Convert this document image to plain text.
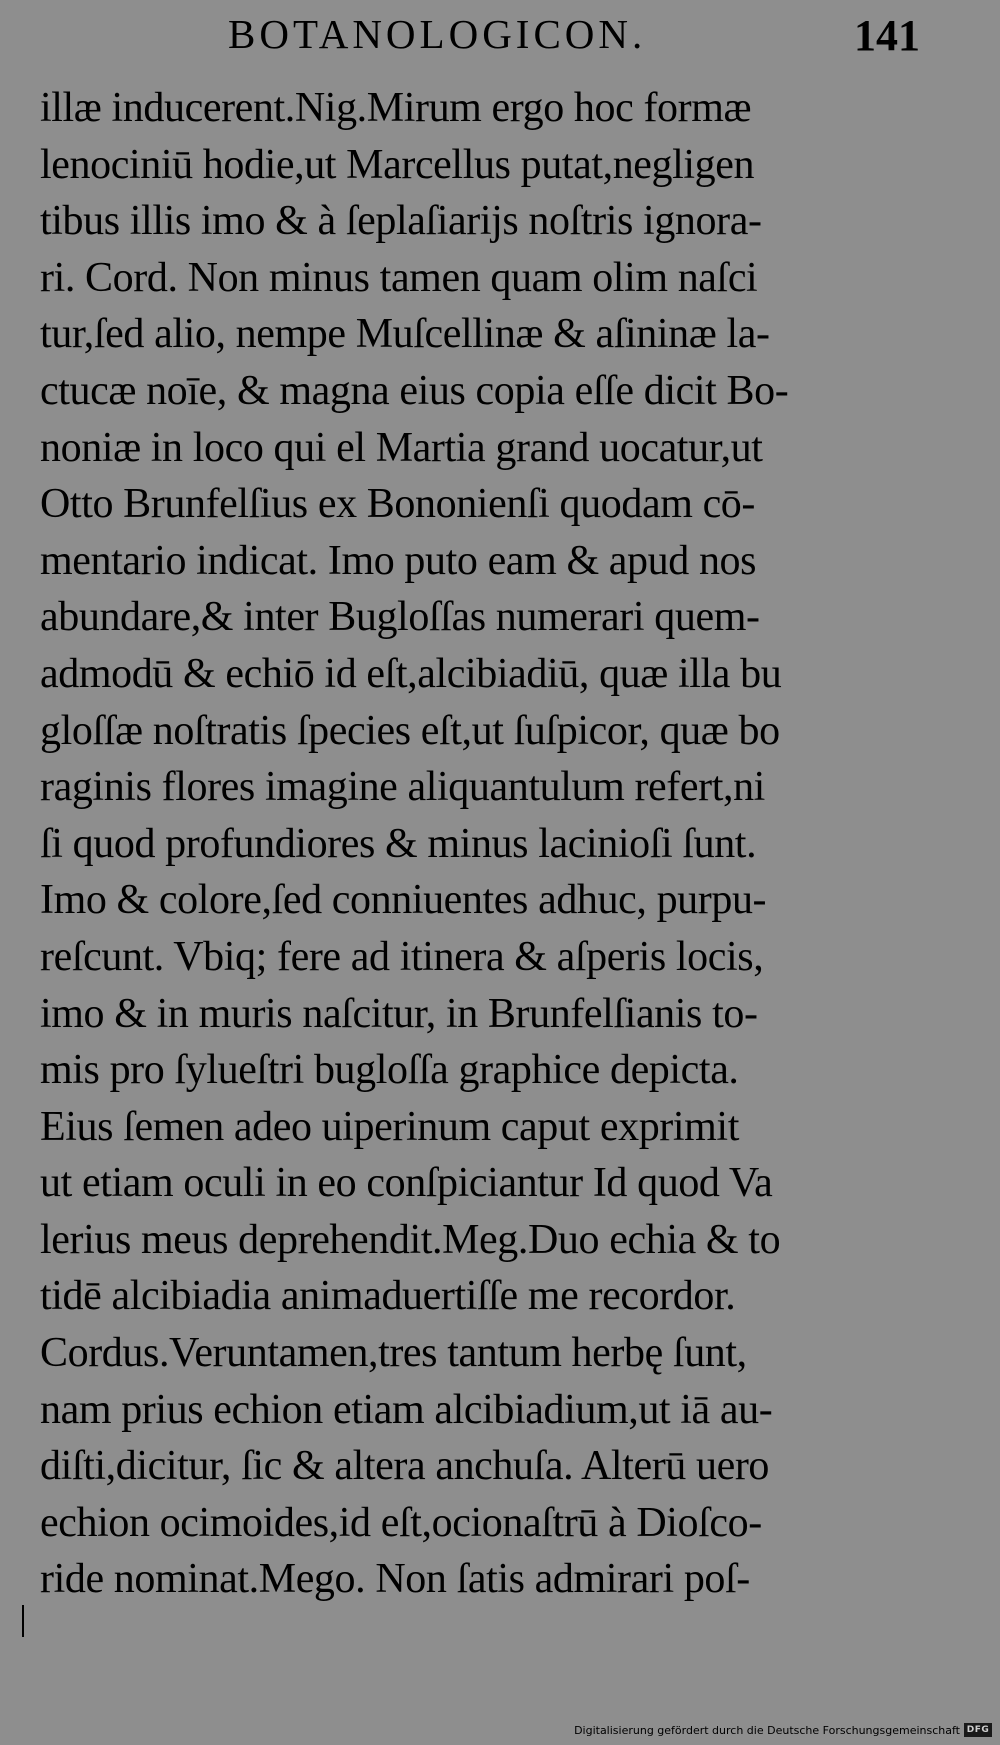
BOTANOLOGICON.	141
illæ inducerent.Nig.Mirum ergo hoc formæ
lenociniū hodie,ut Marcellus putat,negligen
tibus illis imo & à ſeplaſiarijs noſtris ignora-
ri. Cord. Non minus tamen quam olim naſci
tur,ſed alio, nempe Muſcellinæ & aſininæ la-
ctucæ noīe, & magna eius copia eſſe dicit Bo-
noniæ in loco qui el Martia grand uocatur,ut
Otto Brunfelſius ex Bononienſi quodam cō-
mentario indicat. Imo puto eam & apud nos
abundare,& inter Bugloſſas numerari quem-
admodū & echiō id eſt,alcibiadiū, quæ illa bu
gloſſæ noſtratis ſpecies eſt,ut ſuſpicor, quæ bo
raginis flores imagine aliquantulum refert,ni
ſi quod profundiores & minus lacinioſi ſunt.
Imo & colore,ſed conniuentes adhuc, purpu-
reſcunt. Vbiq; fere ad itinera & aſperis locis,
imo & in muris naſcitur, in Brunfelſianis to-
mis pro ſylueſtri bugloſſa graphice depicta.
Eius ſemen adeo uiperinum caput exprimit
ut etiam oculi in eo conſpiciantur Id quod Va
lerius meus deprehendit.Meg.Duo echia & to
tidē alcibiadia animaduertiſſe me recordor.
Cordus.Veruntamen,tres tantum herbę ſunt,
nam prius echion etiam alcibiadium,ut iā au-
diſti,dicitur, ſic & altera anchuſa. Alterū uero
echion ocimoides,id eſt,ocionaſtrū à Dioſco-
ride nominat.Mego. Non ſatis admirari poſ-
Digitalisierung gefördert durch die Deutsche Forschungsgemeinschaft DFG
